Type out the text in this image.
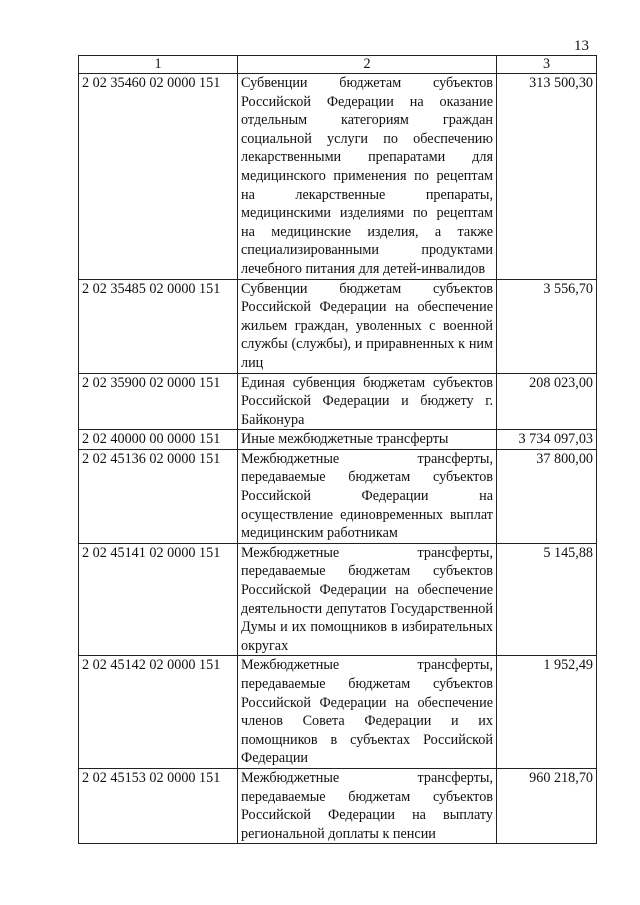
13
1	2	3
2 02 35460 02 0000 151	Субвенции бюджетам субъектов Российской Федерации на оказание отдельным категориям граждан социальной услуги по обеспечению лекарственными препаратами для медицинского применения по рецептам на лекарственные препараты, медицинскими изделиями по рецептам на медицинские изделия, а также специализированными продуктами лечебного питания для детей-инвалидов	313 500,30
2 02 35485 02 0000 151	Субвенции бюджетам субъектов Российской Федерации на обеспечение жильем граждан, уволенных с военной службы (службы), и приравненных к ним лиц	3 556,70
2 02 35900 02 0000 151	Единая субвенция бюджетам субъектов Российской Федерации и бюджету г. Байконура	208 023,00
2 02 40000 00 0000 151	Иные межбюджетные трансферты	3 734 097,03
2 02 45136 02 0000 151	Межбюджетные трансферты, передаваемые бюджетам субъектов Российской Федерации на осуществление единовременных выплат медицинским работникам	37 800,00
2 02 45141 02 0000 151	Межбюджетные трансферты, передаваемые бюджетам субъектов Российской Федерации на обеспечение деятельности депутатов Государственной Думы и их помощников в избирательных округах	5 145,88
2 02 45142 02 0000 151	Межбюджетные трансферты, передаваемые бюджетам субъектов Российской Федерации на обеспечение членов Совета Федерации и их помощников в субъектах Российской Федерации	1 952,49
2 02 45153 02 0000 151	Межбюджетные трансферты, передаваемые бюджетам субъектов Российской Федерации на выплату региональной доплаты к пенсии	960 218,70
